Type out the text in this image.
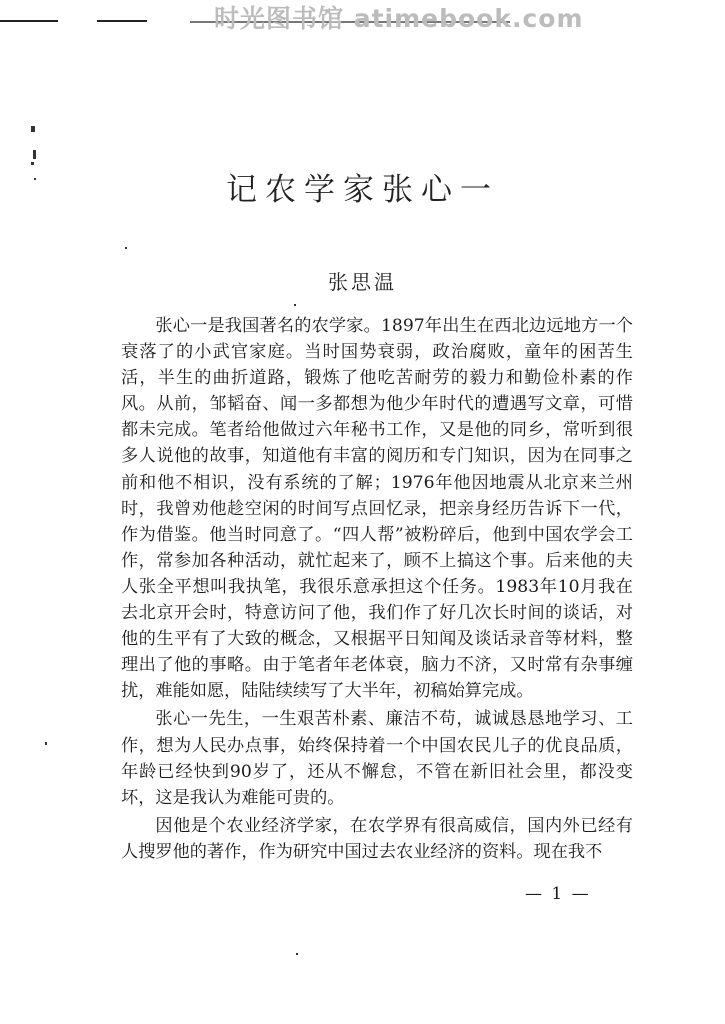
时光图书馆 atimebook.com
记农学家张心一
张思温

张心一是我国著名的农学家。1897年出生在西北边远地方一个衰落了的小武官家庭。当时国势衰弱，政治腐败，童年的困苦生活，半生的曲折道路，锻炼了他吃苦耐劳的毅力和勤俭朴素的作风。从前，邹韬奋、闻一多都想为他少年时代的遭遇写文章，可惜都未完成。笔者给他做过六年秘书工作，又是他的同乡，常听到很多人说他的故事，知道他有丰富的阅历和专门知识，因为在同事之前和他不相识，没有系统的了解；1976年他因地震从北京来兰州时，我曾劝他趁空闲的时间写点回忆录，把亲身经历告诉下一代，作为借鉴。他当时同意了。“四人帮”被粉碎后，他到中国农学会工作，常参加各种活动，就忙起来了，顾不上搞这个事。后来他的夫人张全平想叫我执笔，我很乐意承担这个任务。1983年10月我在去北京开会时，特意访问了他，我们作了好几次长时间的谈话，对他的生平有了大致的概念，又根据平日知闻及谈话录音等材料，整理出了他的事略。由于笔者年老体衰，脑力不济，又时常有杂事缠扰，难能如愿，陆陆续续写了大半年，初稿始算完成。

张心一先生，一生艰苦朴素、廉洁不苟，诚诚恳恳地学习、工作，想为人民办点事，始终保持着一个中国农民儿子的优良品质，年龄已经快到90岁了，还从不懈怠，不管在新旧社会里，都没变坏，这是我认为难能可贵的。

因他是个农业经济学家，在农学界有很高威信，国内外已经有人搜罗他的著作，作为研究中国过去农业经济的资料。现在我不

— 1 —
